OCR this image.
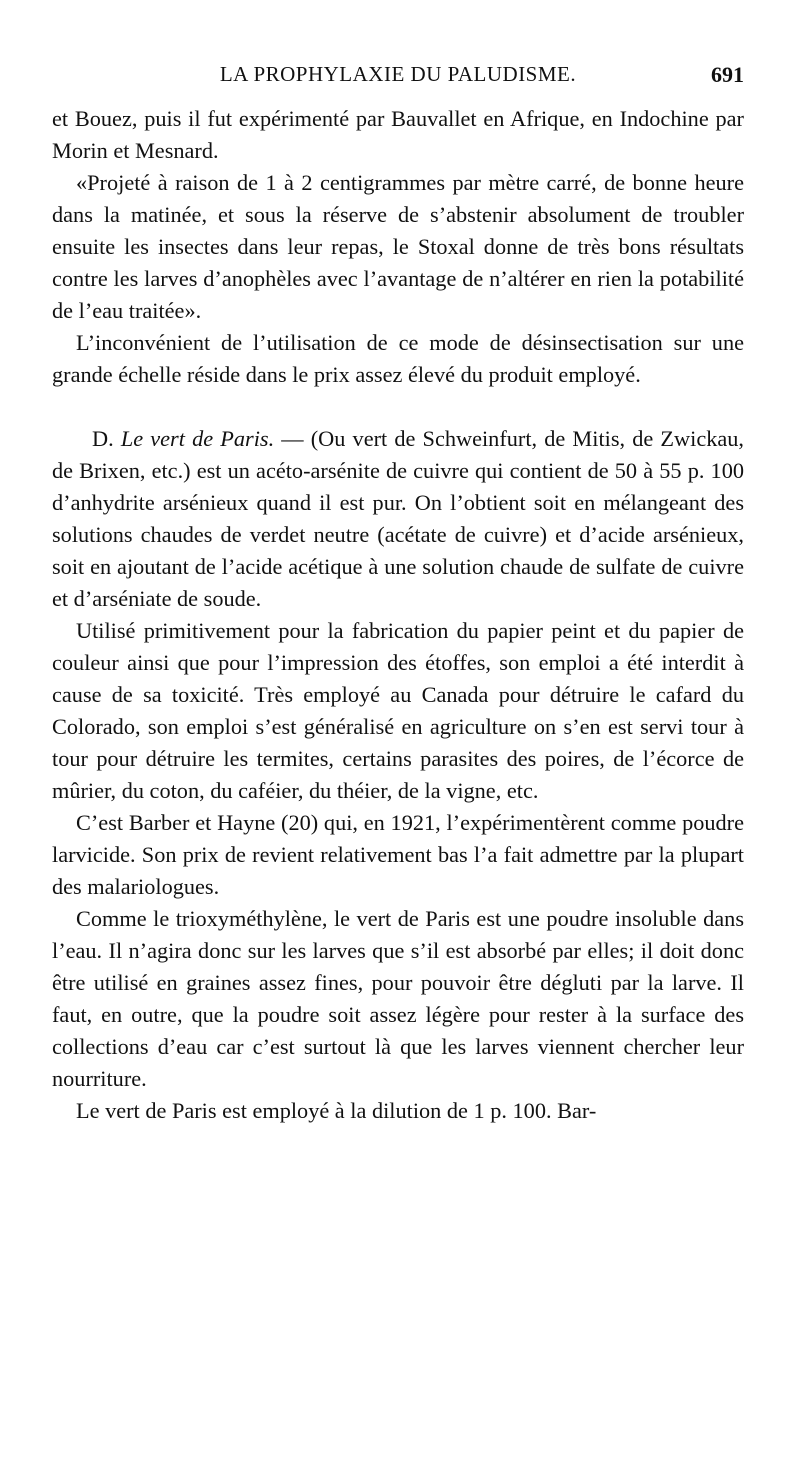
LA PROPHYLAXIE DU PALUDISME.	691

et Bouez, puis il fut expérimenté par Bauvallet en Afrique, en Indochine par Morin et Mesnard.

«Projeté à raison de 1 à 2 centigrammes par mètre carré, de bonne heure dans la matinée, et sous la réserve de s’abstenir absolument de troubler ensuite les insectes dans leur repas, le Stoxal donne de très bons résultats contre les larves d’anophèles avec l’avantage de n’altérer en rien la potabilité de l’eau traitée».

L’inconvénient de l’utilisation de ce mode de désinsectisation sur une grande échelle réside dans le prix assez élevé du produit employé.

D. Le vert de Paris. — (Ou vert de Schweinfurt, de Mitis, de Zwickau, de Brixen, etc.) est un acéto-arsénite de cuivre qui contient de 50 à 55 p. 100 d’anhydrite arsénieux quand il est pur. On l’obtient soit en mélangeant des solutions chaudes de verdet neutre (acétate de cuivre) et d’acide arsénieux, soit en ajoutant de l’acide acétique à une solution chaude de sulfate de cuivre et d’arséniate de soude.

Utilisé primitivement pour la fabrication du papier peint et du papier de couleur ainsi que pour l’impression des étoffes, son emploi a été interdit à cause de sa toxicité. Très employé au Canada pour détruire le cafard du Colorado, son emploi s’est généralisé en agriculture on s’en est servi tour à tour pour détruire les termites, certains parasites des poires, de l’écorce de mûrier, du coton, du caféier, du théier, de la vigne, etc.

C’est Barber et Hayne (20) qui, en 1921, l’expérimentèrent comme poudre larvicide. Son prix de revient relativement bas l’a fait admettre par la plupart des malariologues.

Comme le trioxyméthylène, le vert de Paris est une poudre insoluble dans l’eau. Il n’agira donc sur les larves que s’il est absorbé par elles; il doit donc être utilisé en graines assez fines, pour pouvoir être dégluti par la larve. Il faut, en outre, que la poudre soit assez légère pour rester à la surface des collections d’eau car c’est surtout là que les larves viennent chercher leur nourriture.

Le vert de Paris est employé à la dilution de 1 p. 100. Bar-
